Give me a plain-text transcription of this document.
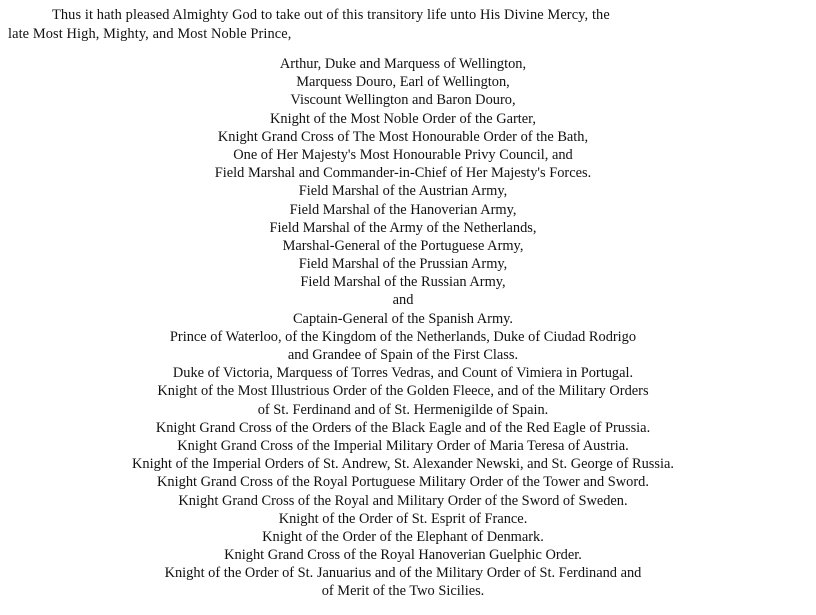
Thus it hath pleased Almighty God to take out of this transitory life unto His Divine Mercy, the
late Most High, Mighty, and Most Noble Prince,
Arthur, Duke and Marquess of Wellington,
Marquess Douro, Earl of Wellington,
Viscount Wellington and Baron Douro,
Knight of the Most Noble Order of the Garter,
Knight Grand Cross of The Most Honourable Order of the Bath,
One of Her Majesty's Most Honourable Privy Council, and
Field Marshal and Commander-in-Chief of Her Majesty's Forces.
Field Marshal of the Austrian Army,
Field Marshal of the Hanoverian Army,
Field Marshal of the Army of the Netherlands,
Marshal-General of the Portuguese Army,
Field Marshal of the Prussian Army,
Field Marshal of the Russian Army,
and
Captain-General of the Spanish Army.
Prince of Waterloo, of the Kingdom of the Netherlands, Duke of Ciudad Rodrigo
and Grandee of Spain of the First Class.
Duke of Victoria, Marquess of Torres Vedras, and Count of Vimiera in Portugal.
Knight of the Most Illustrious Order of the Golden Fleece, and of the Military Orders
of St. Ferdinand and of St. Hermenigilde of Spain.
Knight Grand Cross of the Orders of the Black Eagle and of the Red Eagle of Prussia.
Knight Grand Cross of the Imperial Military Order of Maria Teresa of Austria.
Knight of the Imperial Orders of St. Andrew, St. Alexander Newski, and St. George of Russia.
Knight Grand Cross of the Royal Portuguese Military Order of the Tower and Sword.
Knight Grand Cross of the Royal and Military Order of the Sword of Sweden.
Knight of the Order of St. Esprit of France.
Knight of the Order of the Elephant of Denmark.
Knight Grand Cross of the Royal Hanoverian Guelphic Order.
Knight of the Order of St. Januarius and of the Military Order of St. Ferdinand and
of Merit of the Two Sicilies.
